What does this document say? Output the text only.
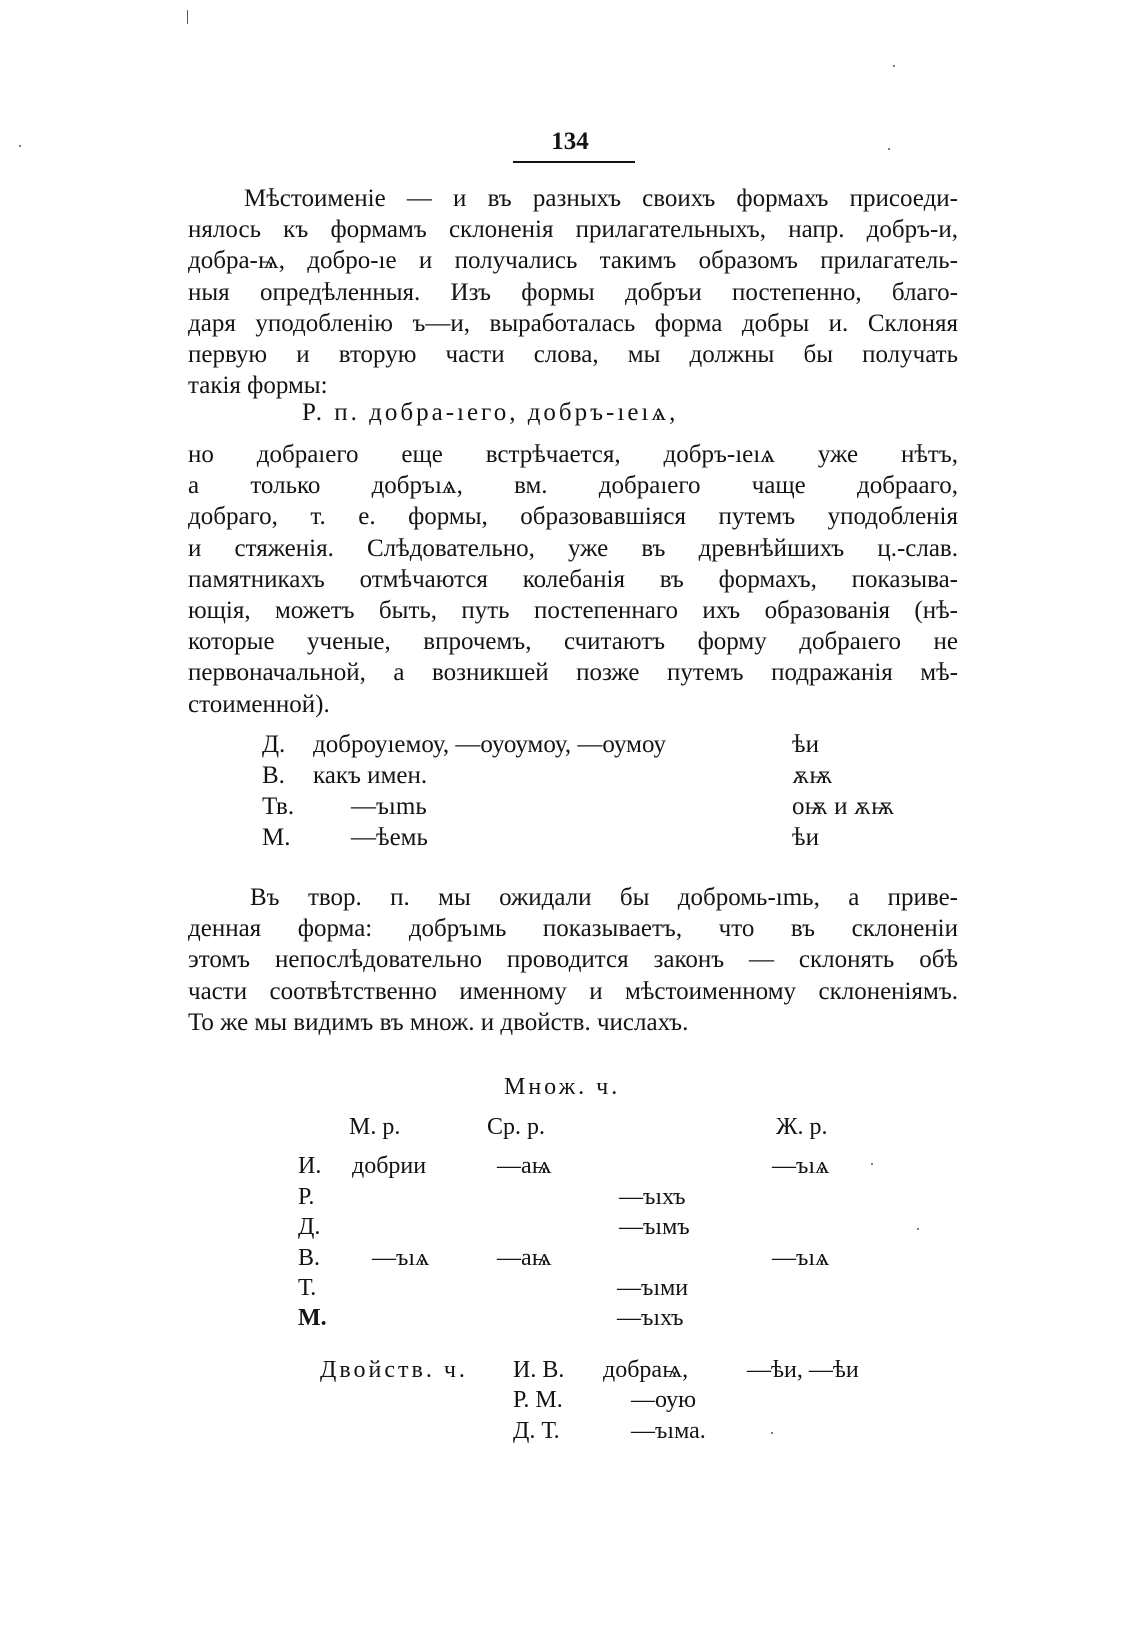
134
Мѣстоименіе — и въ разныхъ своихъ формахъ присоеди-
нялось къ формамъ склоненія прилагательныхъ, напр. добръ-и,
добра-ѩ, добро-ıе и получались такимъ образомъ прилагатель-
ныя опредѣленныя. Изъ формы добръи постепенно, благо-
даря уподобленію ъ—и, выработалась форма добры и. Склоняя
первую и вторую части слова, мы должны бы получать
такія формы:
Р. п. добра-ıего, добръ-ıеıѧ,
но добраıего еще встрѣчается, добръ-ıеıѧ уже нѣтъ,
а только добръıѧ, вм. добраıего чаще добрааго,
добраго, т. е. формы, образовавшіяся путемъ уподобленія
и стяженія. Слѣдовательно, уже въ древнѣйшихъ ц.-слав.
памятникахъ отмѣчаются колебанія въ формахъ, показыва-
ющія, можетъ быть, путь постепеннаго ихъ образованія (нѣ-
которые ученые, впрочемъ, считаютъ форму добраıего не
первоначальной, а возникшей позже путемъ подражанія мѣ-
стоименной).
Д. доброуıемоу, —оуоумоу, —оумоу	ѣи
В. какъ имен.	ѫѭ
Тв. —ъımь	оѭ и ѫѭ
М. —ѣемь	ѣи
Въ твор. п. мы ожидали бы добромь-ımь, а приве-
денная форма: добръıмь показываетъ, что въ склоненіи
этомъ непослѣдовательно проводится законъ — склонять обѣ
части соотвѣтственно именному и мѣстоименному склоненіямъ.
То же мы видимъ въ множ. и двойств. числахъ.
Множ. ч.
М. р.	Ср. р.	Ж. р.
И. добрии	—аѩ	—ъıѧ
Р.	—ъıхъ
Д.	—ъıмъ
В. —ъıѧ	—аѩ	—ъıѧ
Т.	—ъıми
М.	—ъıхъ
Двойств. ч. И. В. добраѩ, —ѣи, —ѣи
Р. М.	—оую
Д. Т.	—ъıма.
